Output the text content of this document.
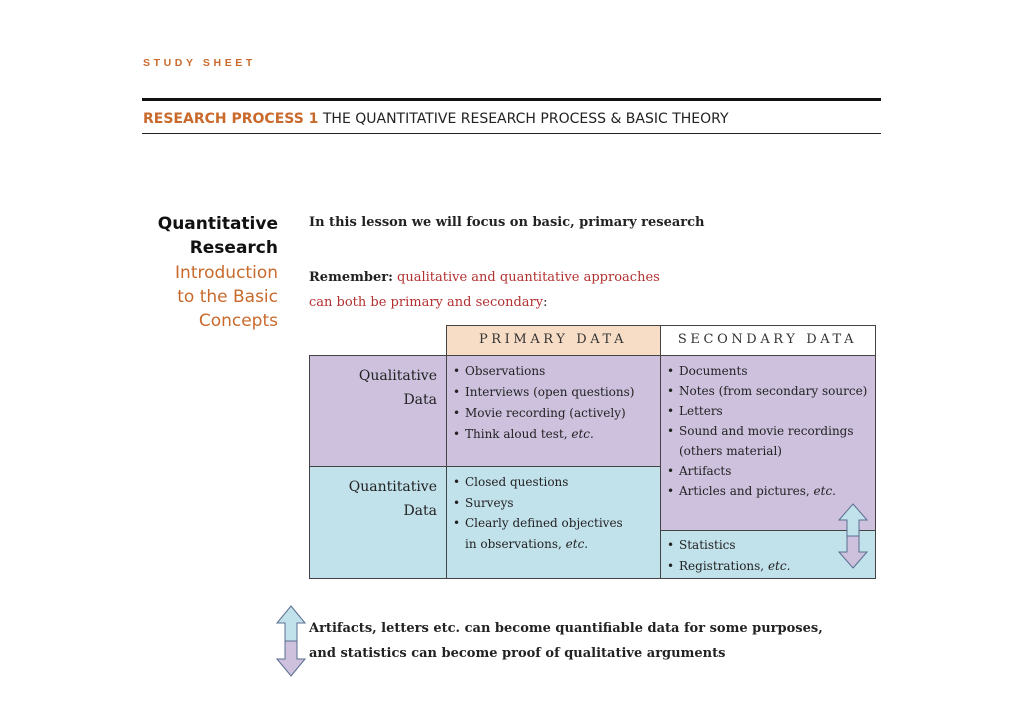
STUDY SHEET
RESEARCH PROCESS 1 THE QUANTITATIVE RESEARCH PROCESS & BASIC THEORY
Quantitative
Research
Introduction
to the Basic
Concepts
In this lesson we will focus on basic, primary research
Remember: qualitative and quantitative approaches
can both be primary and secondary:
PRIMARY DATA	SECONDARY DATA
Qualitative
Data
Quantitative
Data
• Observations
• Interviews (open questions)
• Movie recording (actively)
• Think aloud test, etc.
• Documents
• Notes (from secondary source)
• Letters
• Sound and movie recordings
(others material)
• Artifacts
• Articles and pictures, etc.
• Closed questions
• Surveys
• Clearly defined objectives
in observations, etc.
•	Statistics
• Registrations, etc.
Artifacts, letters etc. can become quantifiable data for some purposes,
and statistics can become proof of qualitative arguments
